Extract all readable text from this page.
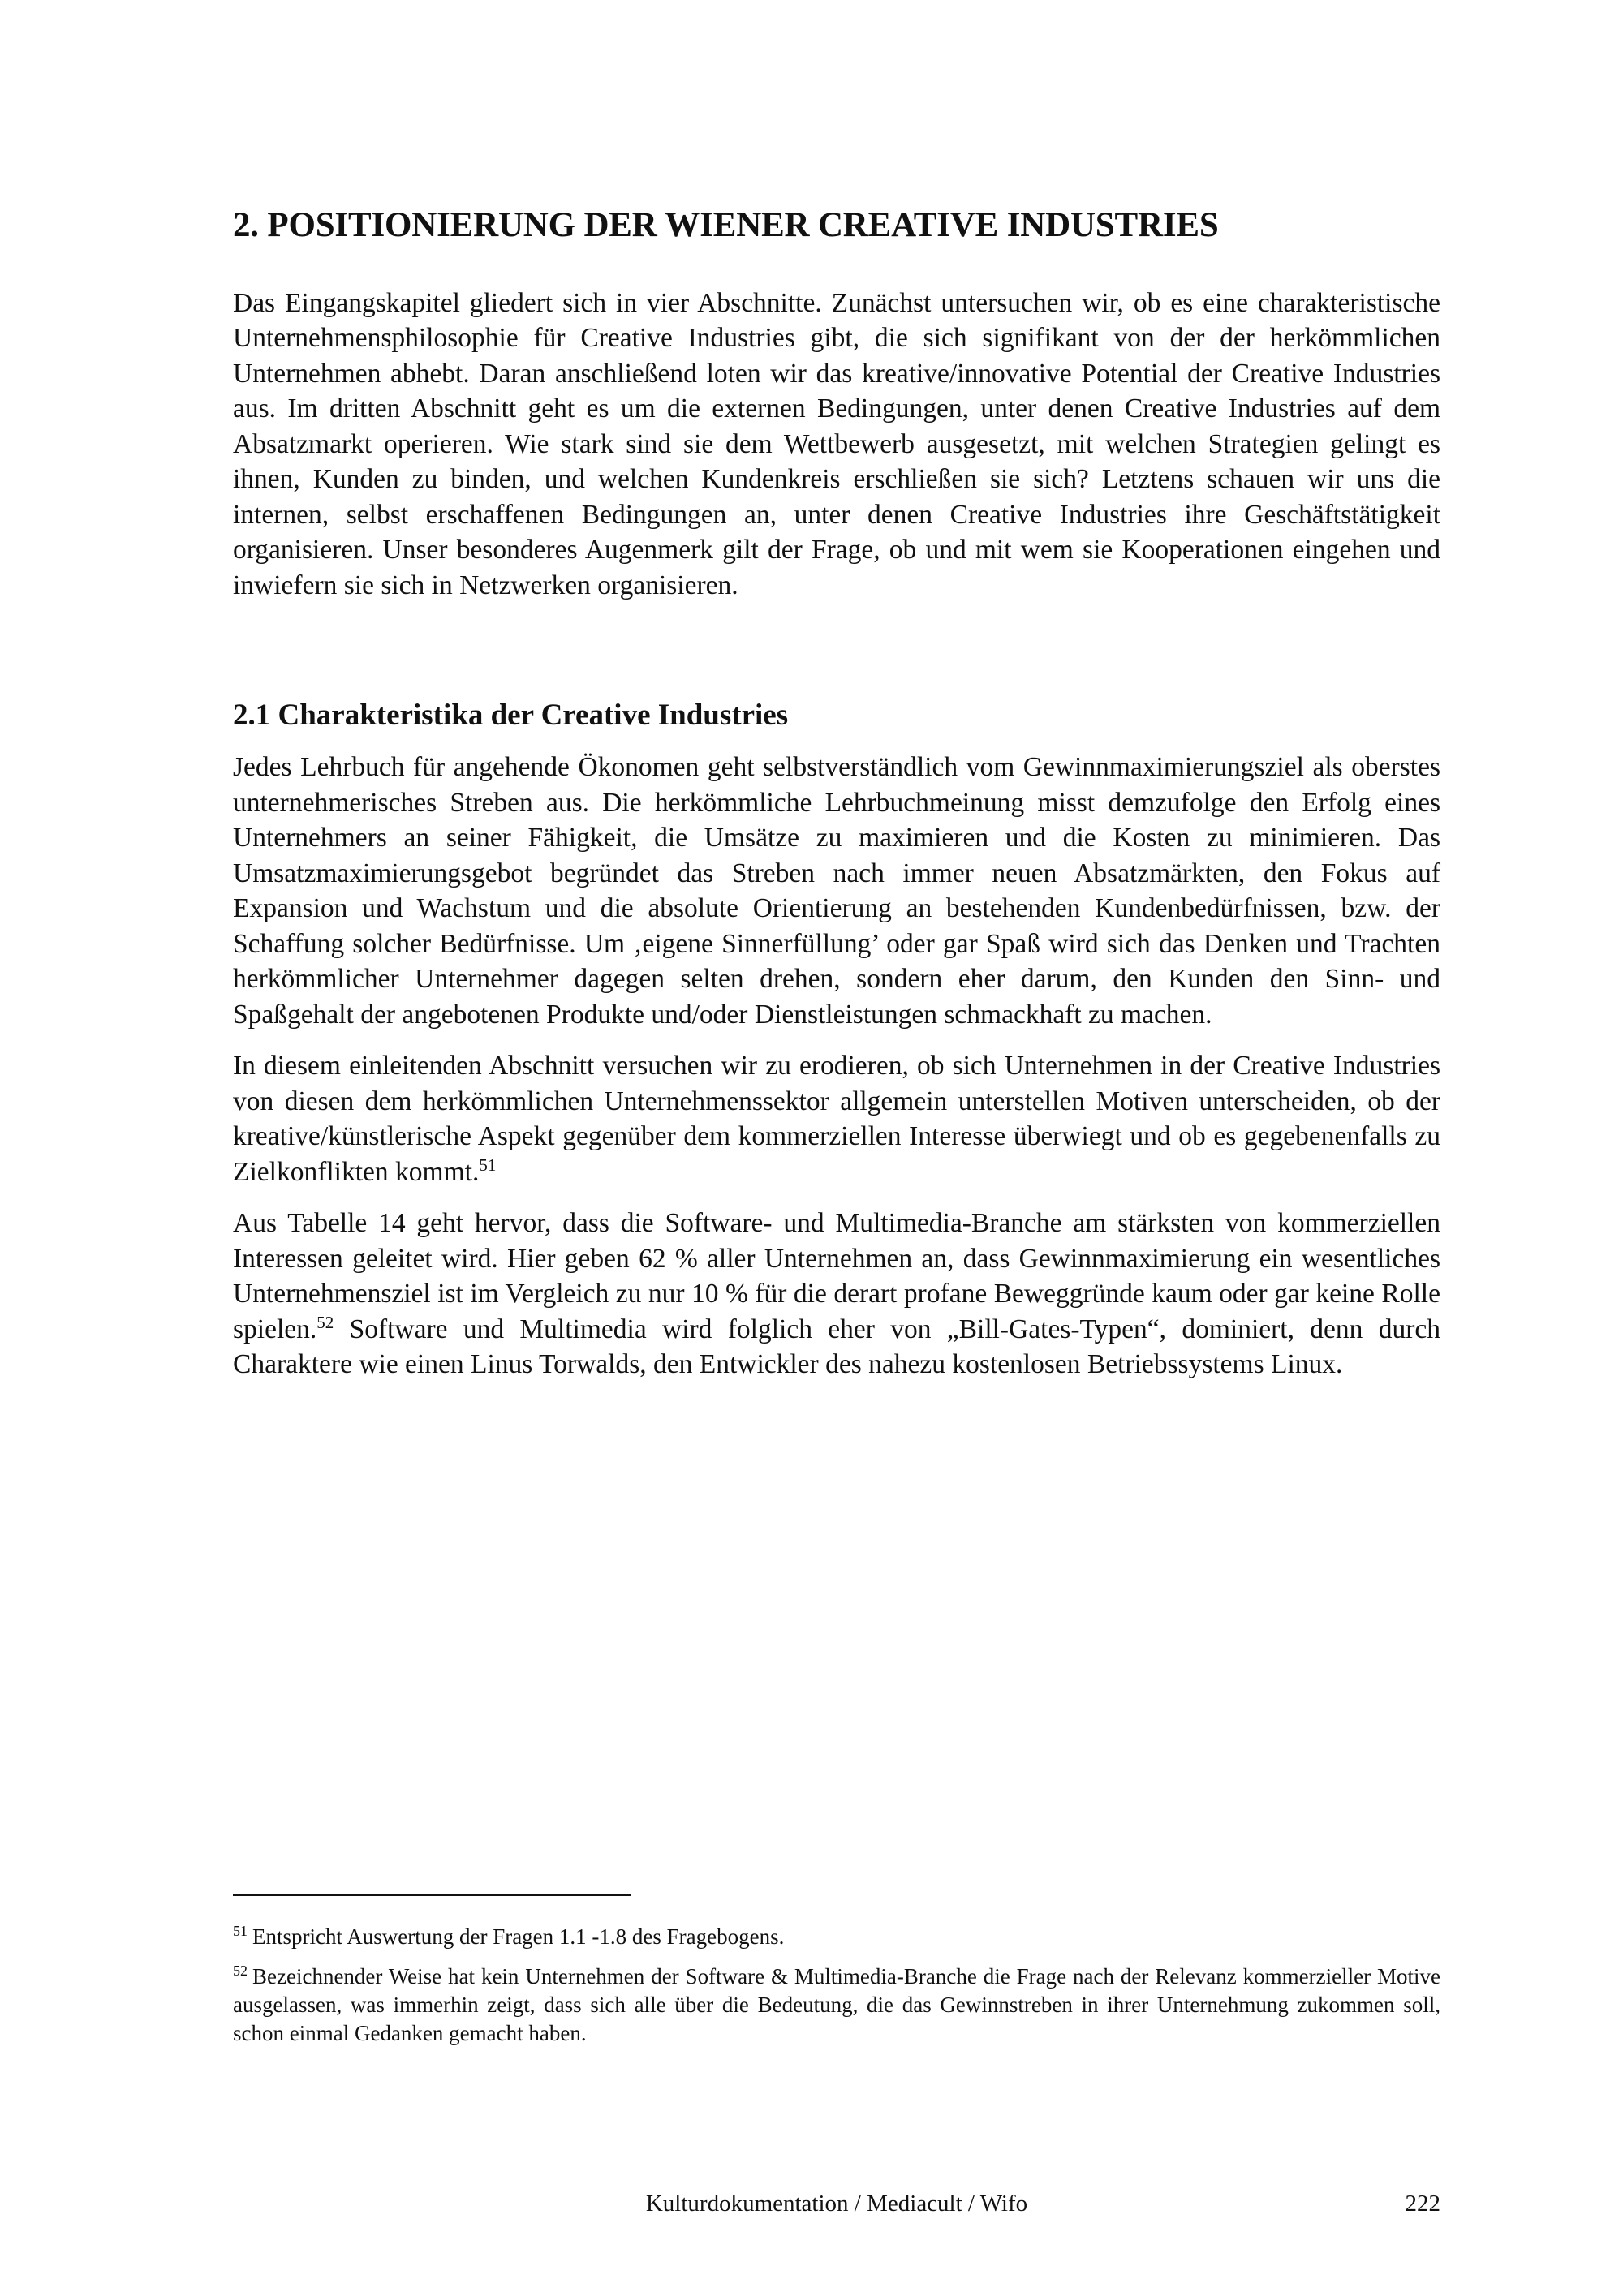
2. POSITIONIERUNG DER WIENER CREATIVE INDUSTRIES

Das Eingangskapitel gliedert sich in vier Abschnitte. Zunächst untersuchen wir, ob es eine charakteristische Unternehmensphilosophie für Creative Industries gibt, die sich signifikant von der der herkömmlichen Unternehmen abhebt. Daran anschließend loten wir das kreative/innovative Potential der Creative Industries aus. Im dritten Abschnitt geht es um die externen Bedingungen, unter denen Creative Industries auf dem Absatzmarkt operieren. Wie stark sind sie dem Wettbewerb ausgesetzt, mit welchen Strategien gelingt es ihnen, Kunden zu binden, und welchen Kundenkreis erschließen sie sich? Letztens schauen wir uns die internen, selbst erschaffenen Bedingungen an, unter denen Creative Industries ihre Geschäftstätigkeit organisieren. Unser besonderes Augenmerk gilt der Frage, ob und mit wem sie Kooperationen eingehen und inwiefern sie sich in Netzwerken organisieren.

2.1 Charakteristika der Creative Industries

Jedes Lehrbuch für angehende Ökonomen geht selbstverständlich vom Gewinnmaximierungsziel als oberstes unternehmerisches Streben aus. Die herkömmliche Lehrbuchmeinung misst demzufolge den Erfolg eines Unternehmers an seiner Fähigkeit, die Umsätze zu maximieren und die Kosten zu minimieren. Das Umsatzmaximierungsgebot begründet das Streben nach immer neuen Absatzmärkten, den Fokus auf Expansion und Wachstum und die absolute Orientierung an bestehenden Kundenbedürfnissen, bzw. der Schaffung solcher Bedürfnisse. Um ‚eigene Sinnerfüllung’ oder gar Spaß wird sich das Denken und Trachten herkömmlicher Unternehmer dagegen selten drehen, sondern eher darum, den Kunden den Sinn- und Spaßgehalt der angebotenen Produkte und/oder Dienstleistungen schmackhaft zu machen.

In diesem einleitenden Abschnitt versuchen wir zu erodieren, ob sich Unternehmen in der Creative Industries von diesen dem herkömmlichen Unternehmenssektor allgemein unterstellen Motiven unterscheiden, ob der kreative/künstlerische Aspekt gegenüber dem kommerziellen Interesse überwiegt und ob es gegebenenfalls zu Zielkonflikten kommt.$^{51}$

Aus Tabelle 14 geht hervor, dass die Software- und Multimedia-Branche am stärksten von kommerziellen Interessen geleitet wird. Hier geben 62 % aller Unternehmen an, dass Gewinnmaximierung ein wesentliches Unternehmensziel ist im Vergleich zu nur 10 % für die derart profane Beweggründe kaum oder gar keine Rolle spielen.$^{52}$ Software und Multimedia wird folglich eher von „Bill-Gates-Typen“, dominiert, denn durch Charaktere wie einen Linus Torwalds, den Entwickler des nahezu kostenlosen Betriebssystems Linux.

$^{51}$ Entspricht Auswertung der Fragen 1.1 -1.8 des Fragebogens.

$^{52}$ Bezeichnender Weise hat kein Unternehmen der Software & Multimedia-Branche die Frage nach der Relevanz kommerzieller Motive ausgelassen, was immerhin zeigt, dass sich alle über die Bedeutung, die das Gewinnstreben in ihrer Unternehmung zukommen soll, schon einmal Gedanken gemacht haben.

Kulturdokumentation / Mediacult / Wifo	222
